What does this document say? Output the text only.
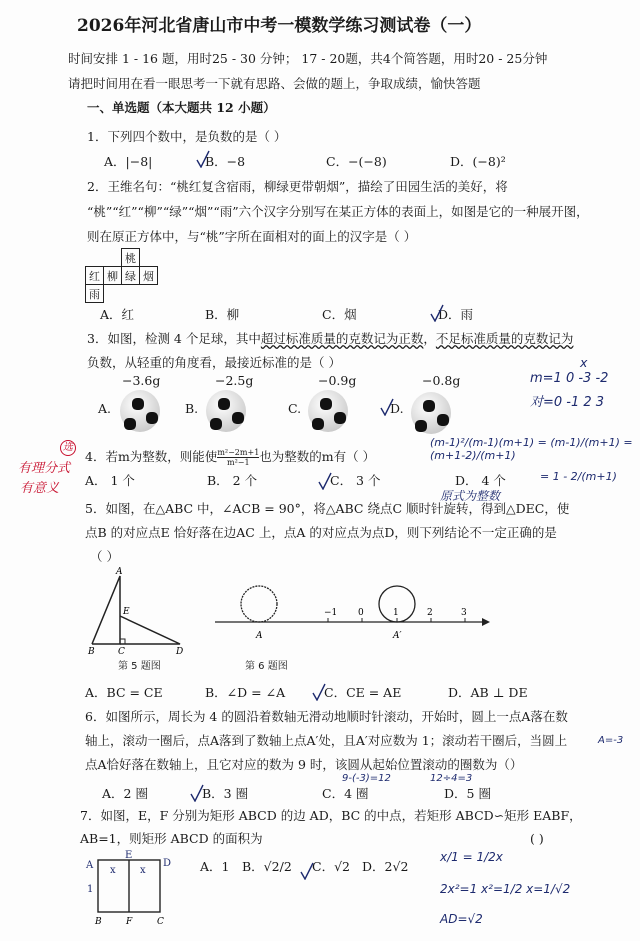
2026年河北省唐山市中考一模数学练习测试卷（一）
时间安排 1 - 16 题，用时25 - 30 分钟； 17 - 20题，共4个简答题，用时20 - 25分钟
请把时间用在看一眼思考一下就有思路、会做的题上，争取成绩，愉快答题
一、单选题（本大题共 12 小题）
1．下列四个数中，是负数的是（ ）
A．|−8|	B．−8	C．−(−8)	D．(−8)²
2．王维名句：“桃红复含宿雨，柳绿更带朝烟”，描绘了田园生活的美好，将
“桃”“红”“柳”“绿”“烟”“雨”六个汉字分别写在某正方体的表面上，如图是它的一种展开图，
则在原正方体中，与“桃”字所在面相对的面上的汉字是（ ）
		桃	
红	柳	绿	烟
雨			
A．红	B．柳	C．烟	D．雨
3．如图，检测 4 个足球，其中超过标准质量的克数记为正数，不足标准质量的克数记为
负数，从轻重的角度看，最接近标准的是（ ）
−3.6g	−2.5g	−0.9g	−0.8g
A.	B.	C.	D.
x
m=1 0 -3 -2
对=0 -1 2 3
4．若m为整数，则能使 $\frac{\text{m²−2m+1}}{\text{m²−1}}$ 也为整数的m有（ ）
(m-1)²/(m-1)(m+1) = (m-1)/(m+1) = (m+1-2)/(m+1)
= 1 - 2/(m+1)
A． 1 个	B． 2 个	C． 3 个	D． 4 个
原式为整数
选
有理分式
有意义
5．如图，在△ABC 中，∠ACB = 90°，将△ABC 绕点C 顺时针旋转，得到△DEC，使
点B 的对应点E 恰好落在边AC 上，点A 的对应点为点D，则下列结论不一定正确的是
（ ）
A
E
B	C	D
第 5 题图
−1 0	1	2	3
A	A′
第 6 题图
A．BC = CE	B．∠D = ∠A	C．CE = AE	D．AB ⊥ DE
6．如图所示，周长为 4 的圆沿着数轴无滑动地顺时针滚动，开始时，圆上一点A落在数
轴上，滚动一圈后，点A落到了数轴上点A′处，且A′对应数为 1；滚动若干圈后，当圆上
点A恰好落在数轴上，且它对应的数为 9 时，该圆从起始位置滚动的圈数为（）
A=-3
9-(-3)=12	12÷4=3
A．2 圈	B．3 圈	C．4 圈	D．5 圈
7．如图，E，F 分别为矩形 ABCD 的边 AD，BC 的中点，若矩形 ABCD∽矩形 EABF，
AB=1，则矩形 ABCD 的面积为	( )
A
E
D
B	F	C
x x
1
A．1 B．√2/2 C．√2 D．2√2
x/1 = 1/2x
2x²=1 x²=1/2 x=1/√2
AD=√2
